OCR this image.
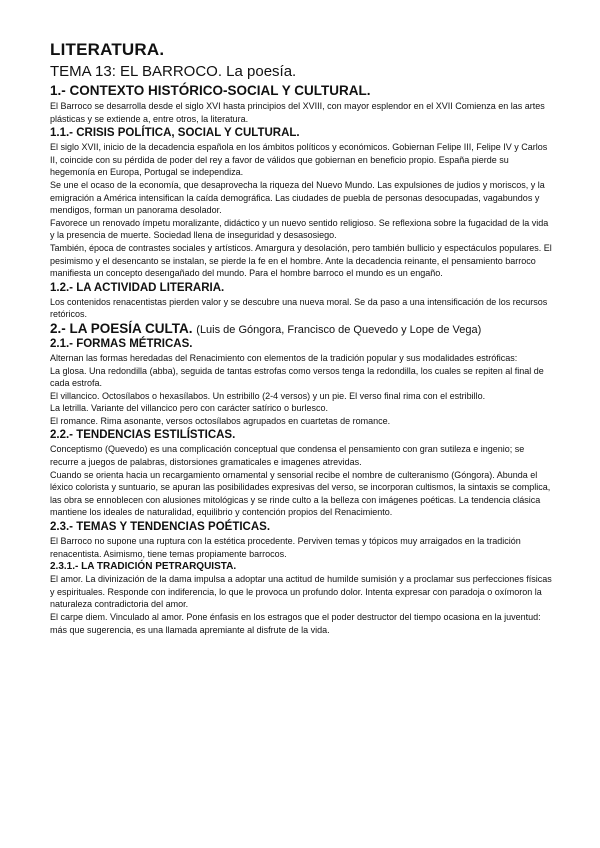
LITERATURA.
TEMA 13: EL BARROCO. La poesía.
1.- CONTEXTO HISTÓRICO-SOCIAL Y CULTURAL.

El Barroco se desarrolla desde el siglo XVI hasta principios del XVIII, con mayor esplendor en el XVII Comienza en las artes plásticas y se extiende a, entre otros, la literatura.

1.1.- CRISIS POLÍTICA, SOCIAL Y CULTURAL.

El siglo XVII, inicio de la decadencia española en los ámbitos políticos y económicos. Gobiernan Felipe III, Felipe IV y Carlos II, coincide con su pérdida de poder del rey a favor de válidos que gobiernan en beneficio propio. España pierde su hegemonía en Europa, Portugal se independiza.

Se une el ocaso de la economía, que desaprovecha la riqueza del Nuevo Mundo. Las expulsiones de judios y moriscos, y la emigración a América intensifican la caída demográfica. Las ciudades de puebla de personas desocupadas, vagabundos y mendigos, forman un panorama desolador.

Favorece un renovado ímpetu moralizante, didáctico y un nuevo sentido religioso. Se reflexiona sobre la fugacidad de la vida y la presencia de muerte. Sociedad llena de inseguridad y desasosiego.

También, época de contrastes sociales y artísticos. Amargura y desolación, pero también bullicio y espectáculos populares. El pesimismo y el desencanto se instalan, se pierde la fe en el hombre. Ante la decadencia reinante, el pensamiento barroco manifiesta un concepto desengañado del mundo. Para el hombre barroco el mundo es un engaño.

1.2.- LA ACTIVIDAD LITERARIA.

Los contenidos renacentistas pierden valor y se descubre una nueva moral. Se da paso a una intensificación de los recursos retóricos.

2.- LA POESÍA CULTA. (Luis de Góngora, Francisco de Quevedo y Lope de Vega)
2.1.- FORMAS MÉTRICAS.

Alternan las formas heredadas del Renacimiento con elementos de la tradición popular y sus modalidades estróficas:

La glosa. Una redondilla (abba), seguida de tantas estrofas como versos tenga la redondilla, los cuales se repiten al final de cada estrofa.

El villancico. Octosílabos o hexasílabos. Un estribillo (2-4 versos) y un pie. El verso final rima con el estribillo.

La letrilla. Variante del villancico pero con carácter satírico o burlesco.

El romance. Rima asonante, versos octosílabos agrupados en cuartetas de romance.

2.2.- TENDENCIAS ESTILÍSTICAS.

Conceptismo (Quevedo) es una complicación conceptual que condensa el pensamiento con gran sutileza e ingenio; se recurre a juegos de palabras, distorsiones gramaticales e imagenes atrevidas.

Cuando se orienta hacia un recargamiento ornamental y sensorial recibe el nombre de culteranismo (Góngora). Abunda el léxico colorista y suntuario, se apuran las posibilidades expresivas del verso, se incorporan cultismos, la sintaxis se complica, las obra se ennoblecen con alusiones mitológicas y se rinde culto a la belleza con imágenes poéticas. La tendencia clásica mantiene los ideales de naturalidad, equilibrio y contención propios del Renacimiento.

2.3.- TEMAS Y TENDENCIAS POÉTICAS.

El Barroco no supone una ruptura con la estética procedente. Perviven temas y tópicos muy arraigados en la tradición renacentista. Asimismo, tiene temas propiamente barrocos.

2.3.1.- LA TRADICIÓN PETRARQUISTA.

El amor. La divinización de la dama impulsa a adoptar una actitud de humilde sumisión y a proclamar sus perfecciones físicas y espirituales. Responde con indiferencia, lo que le provoca un profundo dolor. Intenta expresar con paradoja o oxímoron la naturaleza contradictoria del amor.

El carpe diem. Vinculado al amor. Pone énfasis en los estragos que el poder destructor del tiempo ocasiona en la juventud: más que sugerencia, es una llamada apremiante al disfrute de la vida.
